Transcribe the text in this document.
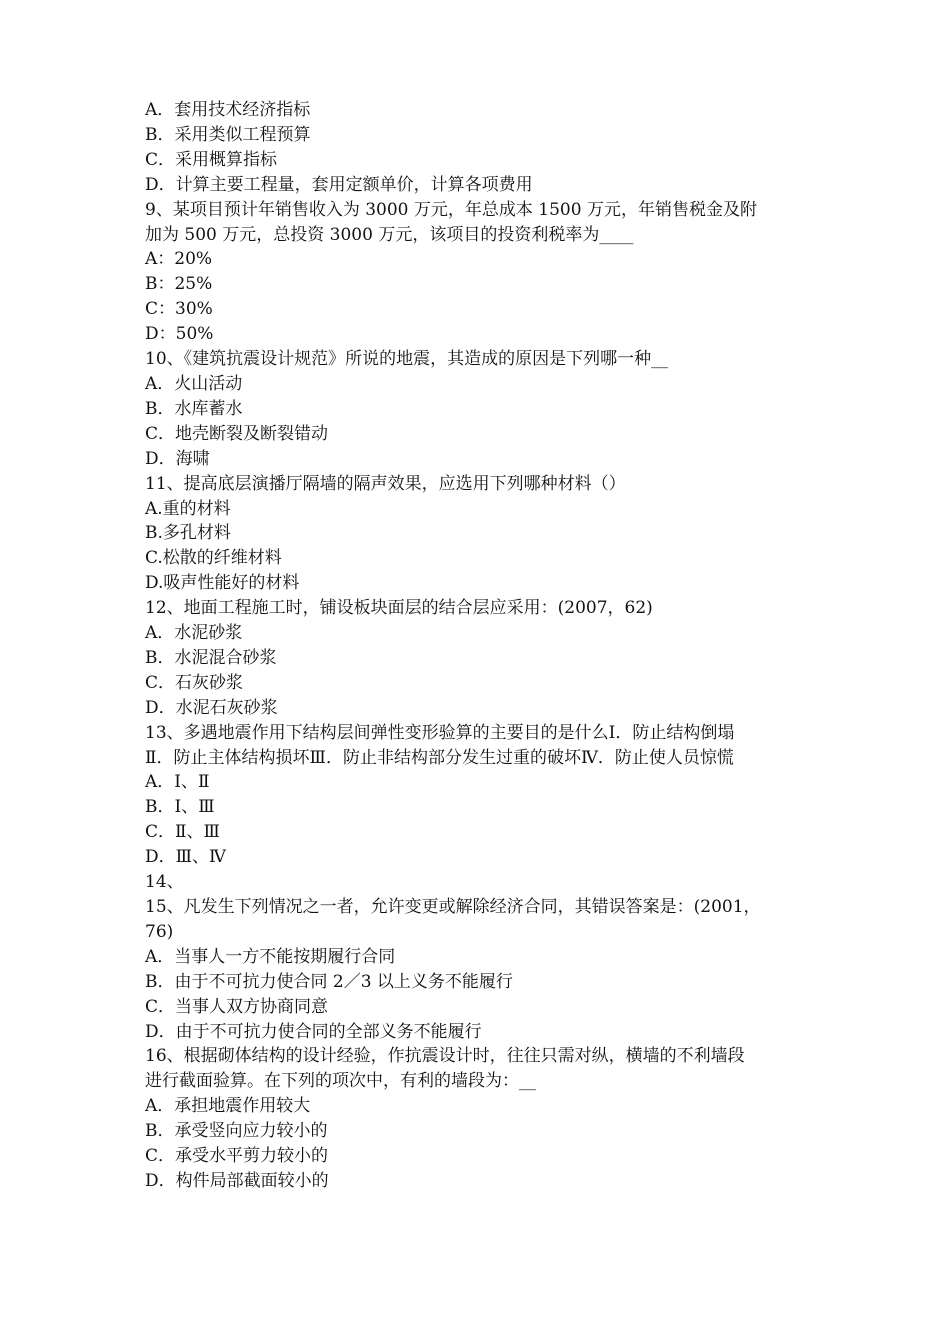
A．套用技术经济指标
B．采用类似工程预算
C．采用概算指标
D．计算主要工程量，套用定额单价，计算各项费用
9、某项目预计年销售收入为 3000 万元，年总成本 1500 万元，年销售税金及附
加为 500 万元，总投资 3000 万元，该项目的投资利税率为____
A：20%
B：25%
C：30%
D：50%
10、《建筑抗震设计规范》所说的地震，其造成的原因是下列哪一种__
A．火山活动
B．水库蓄水
C．地壳断裂及断裂错动
D．海啸
11、提高底层演播厅隔墙的隔声效果，应选用下列哪种材料（）
A.重的材料
B.多孔材料
C.松散的纤维材料
D.吸声性能好的材料
12、地面工程施工时，铺设板块面层的结合层应采用：(2007，62)
A．水泥砂浆
B．水泥混合砂浆
C．石灰砂浆
D．水泥石灰砂浆
13、多遇地震作用下结构层间弹性变形验算的主要目的是什么Ⅰ．防止结构倒塌
Ⅱ．防止主体结构损坏Ⅲ．防止非结构部分发生过重的破坏Ⅳ．防止使人员惊慌
A．Ⅰ、Ⅱ
B．Ⅰ、Ⅲ
C．Ⅱ、Ⅲ
D．Ⅲ、Ⅳ
14、
15、凡发生下列情况之一者，允许变更或解除经济合同，其错误答案是：(2001，
76)
A．当事人一方不能按期履行合同
B．由于不可抗力使合同 2／3 以上义务不能履行
C．当事人双方协商同意
D．由于不可抗力使合同的全部义务不能履行
16、根据砌体结构的设计经验，作抗震设计时，往往只需对纵，横墙的不利墙段
进行截面验算。在下列的项次中，有利的墙段为：__
A．承担地震作用较大
B．承受竖向应力较小的
C．承受水平剪力较小的
D．构件局部截面较小的
